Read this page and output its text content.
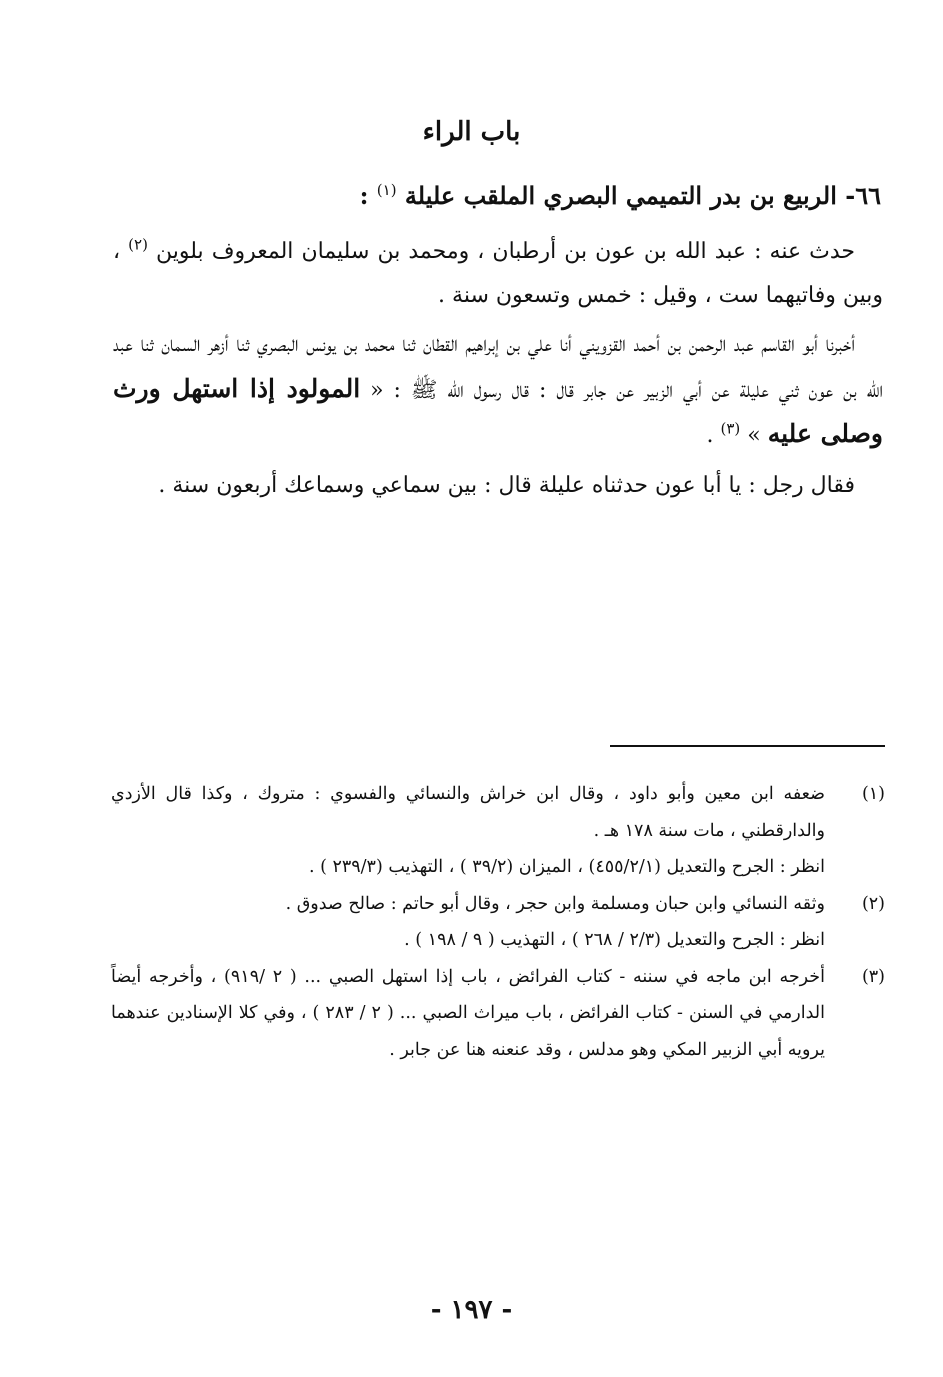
باب الراء
٦٦- الربيع بن بدر التميمي البصري الملقب عليلة $^{(١)}$ :

حدث عنه : عبد الله بن عون بن أرطبان ، ومحمد بن سليمان المعروف بلوين $^{(٢)}$ ، وبين وفاتيهما ست ، وقيل : خمس وتسعون سنة .

أخبرنا أبو القاسم عبد الرحمن بن أحمد القزويني أنا علي بن إبراهيم القطان ثنا محمد بن يونس البصري ثنا أزهر السمان ثنا عبد الله بن عون ثني عليلة عن أبي الزبير عن جابر قال : قال رسول الله ﷺ : « المولود إذا استهل ورث وصلى عليه » $^{(٣)}$ .

فقال رجل : يا أبا عون حدثناه عليلة قال : بين سماعي وسماعك أربعون سنة .

(١)

ضعفه ابن معين وأبو داود ، وقال ابن خراش والنسائي والفسوي : متروك ، وكذا قال الأزدي والدارقطني ، مات سنة ١٧٨ هـ .

انظر : الجرح والتعديل (٤٥٥/٢/١) ، الميزان (٣٩/٢ ) ، التهذيب (٢٣٩/٣ ) .

(٢)

وثقه النسائي وابن حبان ومسلمة وابن حجر ، وقال أبو حاتم : صالح صدوق .

انظر : الجرح والتعديل (٢/٣ / ٢٦٨ ) ، التهذيب ( ٩ / ١٩٨ ) .

(٣)

أخرجه ابن ماجه في سننه - كتاب الفرائض ، باب إذا استهل الصبي ... ( ٢ /٩١٩) ، وأخرجه أيضاً الدارمي في السنن - كتاب الفرائض ، باب ميراث الصبي ... ( ٢ / ٢٨٣ ) ، وفي كلا الإسنادين عندهما يرويه أبي الزبير المكي وهو مدلس ، وقد عنعنه هنا عن جابر .

- ١٩٧ -
